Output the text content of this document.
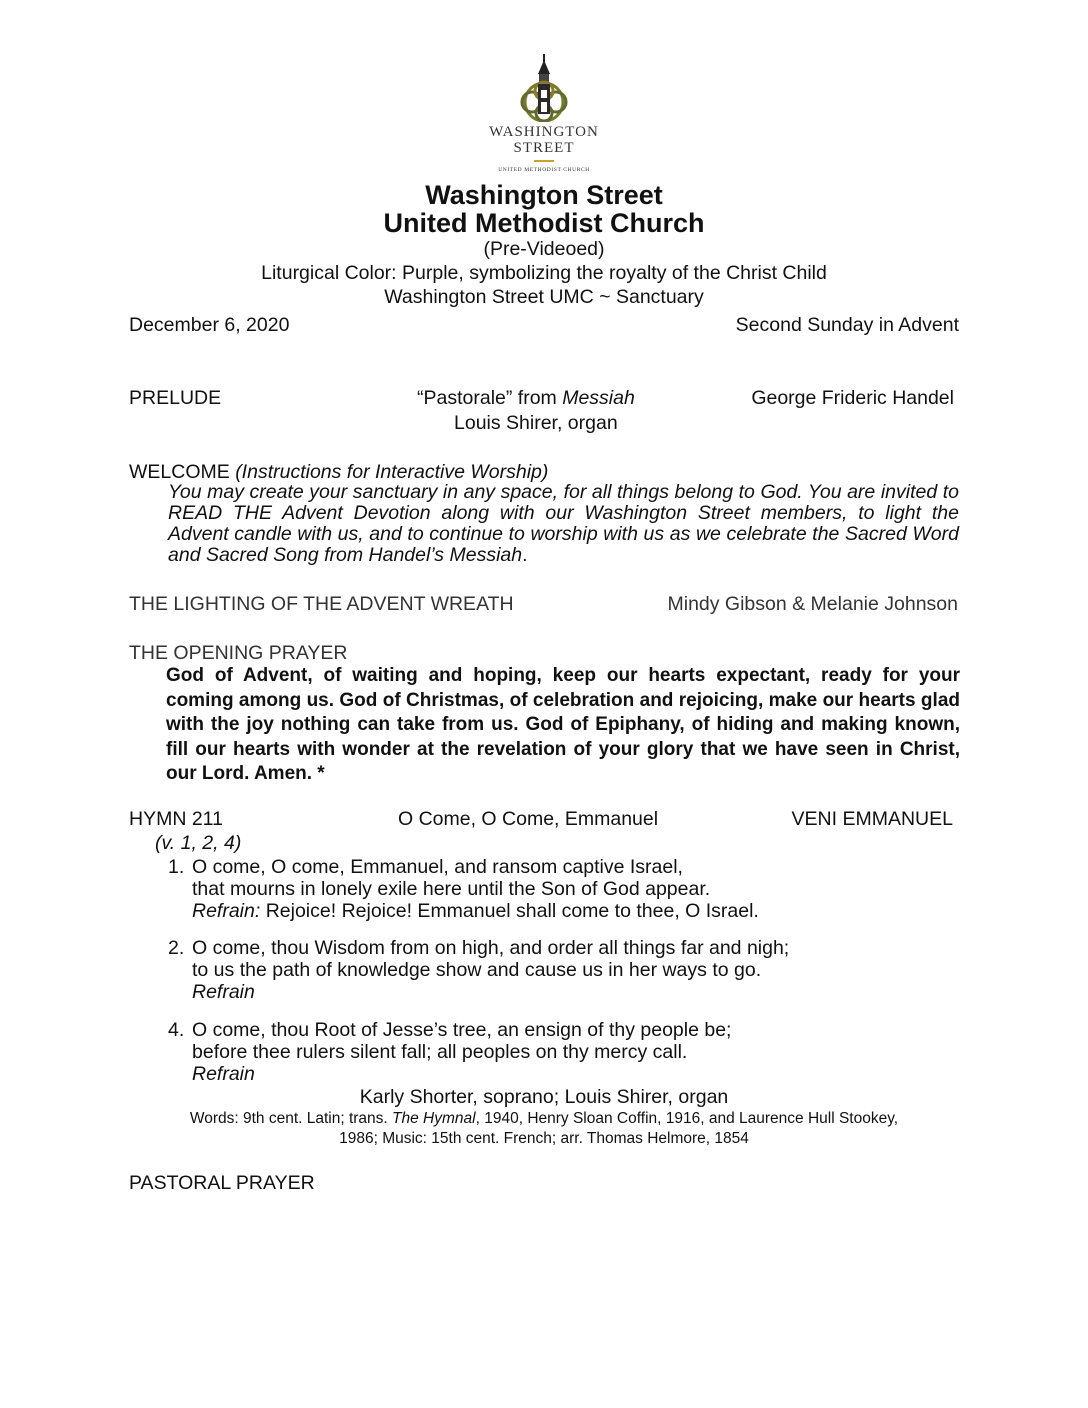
WASHINGTON
STREET
UNITED METHODIST CHURCH
Washington Street
United Methodist Church
(Pre-Videoed)
Liturgical Color: Purple, symbolizing the royalty of the Christ Child
Washington Street UMC ~ Sanctuary
December 6, 2020	Second Sunday in Advent
PRELUDE	“Pastorale” from Messiah	George Frideric Handel
Louis Shirer, organ
WELCOME (Instructions for Interactive Worship)
You may create your sanctuary in any space, for all things belong to God. You are invited to READ THE Advent Devotion along with our Washington Street members, to light the Advent candle with us, and to continue to worship with us as we celebrate the Sacred Word and Sacred Song from Handel’s Messiah.
THE LIGHTING OF THE ADVENT WREATH	Mindy Gibson & Melanie Johnson
THE OPENING PRAYER
God of Advent, of waiting and hoping, keep our hearts expectant, ready for your coming among us. God of Christmas, of celebration and rejoicing, make our hearts glad with the joy nothing can take from us. God of Epiphany, of hiding and making known, fill our hearts with wonder at the revelation of your glory that we have seen in Christ, our Lord. Amen. *
HYMN 211	O Come, O Come, Emmanuel	VENI EMMANUEL
(v. 1, 2, 4)
1. O come, O come, Emmanuel, and ransom captive Israel,
that mourns in lonely exile here until the Son of God appear.
Refrain: Rejoice! Rejoice! Emmanuel shall come to thee, O Israel.
2. O come, thou Wisdom from on high, and order all things far and nigh;
to us the path of knowledge show and cause us in her ways to go.
Refrain
4. O come, thou Root of Jesse’s tree, an ensign of thy people be;
before thee rulers silent fall; all peoples on thy mercy call.
Refrain
Karly Shorter, soprano; Louis Shirer, organ
Words: 9th cent. Latin; trans. The Hymnal, 1940, Henry Sloan Coffin, 1916, and Laurence Hull Stookey,
1986; Music: 15th cent. French; arr. Thomas Helmore, 1854
PASTORAL PRAYER
